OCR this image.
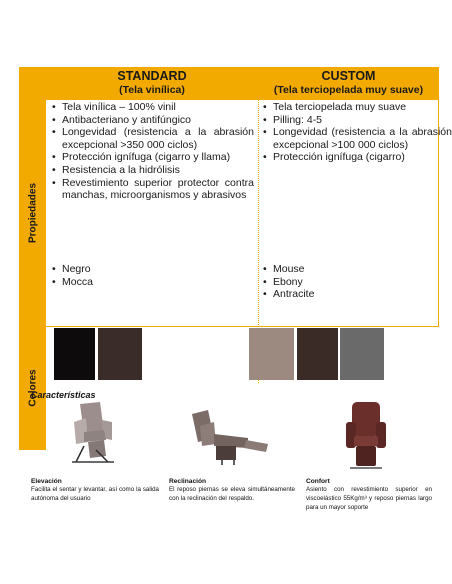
STANDARD
(Tela vinílica)
CUSTOM
(Tela terciopelada muy suave)
Propiedades
Colores
• Tela vinílica – 100% vinil
• Antibacteriano y antifúngico
• Longevidad (resistencia a la abrasión excepcional >350 000 ciclos)
• Protección ignífuga (cigarro y llama)
• Resistencia a la hidrólisis
• Revestimiento superior protector contra manchas, microorganismos y abrasivos
• Tela terciopelada muy suave
• Pilling: 4-5
• Longevidad (resistencia a la abrasión excepcional >100 000 ciclos)
• Protección ignífuga (cigarro)
• Negro
• Mocca
• Mouse
• Ebony
• Antracite
Características
Elevación
Facilita el sentar y levantar, así como la salida autónoma del usuario
Reclinación
El reposo piernas se eleva simultáneamente con la reclinación del respaldo.
Confort
Asiento con revestimiento superior en viscoelástico 55Kg/m³ y reposo piernas largo para un mayor soporte
